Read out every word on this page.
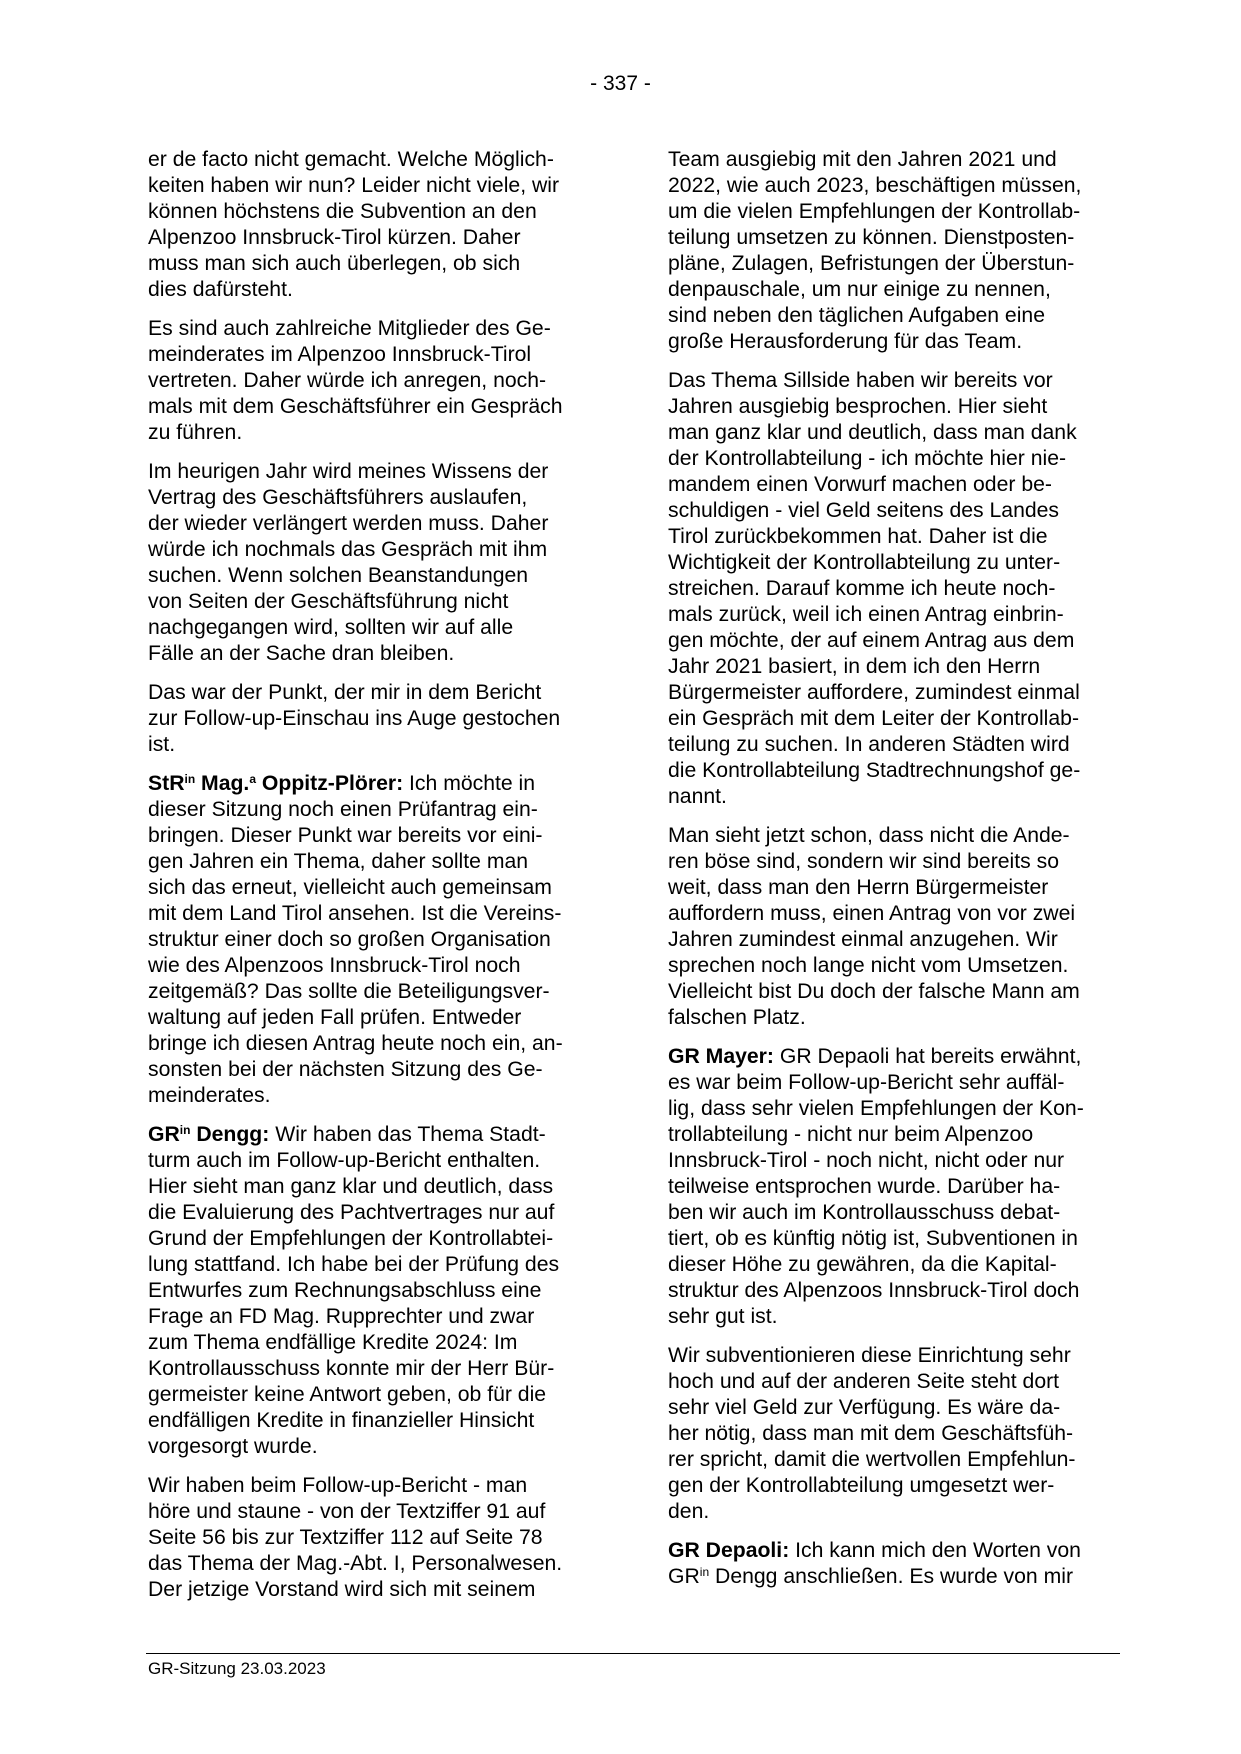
- 337 -

er de facto nicht gemacht. Welche Möglich-
keiten haben wir nun? Leider nicht viele, wir
können höchstens die Subvention an den
Alpenzoo Innsbruck-Tirol kürzen. Daher
muss man sich auch überlegen, ob sich
dies dafürsteht.

Es sind auch zahlreiche Mitglieder des Ge-
meinderates im Alpenzoo Innsbruck-Tirol
vertreten. Daher würde ich anregen, noch-
mals mit dem Geschäftsführer ein Gespräch
zu führen.

Im heurigen Jahr wird meines Wissens der
Vertrag des Geschäftsführers auslaufen,
der wieder verlängert werden muss. Daher
würde ich nochmals das Gespräch mit ihm
suchen. Wenn solchen Beanstandungen
von Seiten der Geschäftsführung nicht
nachgegangen wird, sollten wir auf alle
Fälle an der Sache dran bleiben.

Das war der Punkt, der mir in dem Bericht
zur Follow-up-Einschau ins Auge gestochen
ist.

StR$^{in}$ Mag.$^a$ Oppitz-Plörer: Ich möchte in
dieser Sitzung noch einen Prüfantrag ein-
bringen. Dieser Punkt war bereits vor eini-
gen Jahren ein Thema, daher sollte man
sich das erneut, vielleicht auch gemeinsam
mit dem Land Tirol ansehen. Ist die Vereins-
struktur einer doch so großen Organisation
wie des Alpenzoos Innsbruck-Tirol noch
zeitgemäß? Das sollte die Beteiligungsver-
waltung auf jeden Fall prüfen. Entweder
bringe ich diesen Antrag heute noch ein, an-
sonsten bei der nächsten Sitzung des Ge-
meinderates.

$GR^{in}$ Dengg: Wir haben das Thema Stadt-
turm auch im Follow-up-Bericht enthalten.
Hier sieht man ganz klar und deutlich, dass
die Evaluierung des Pachtvertrages nur auf
Grund der Empfehlungen der Kontrollabtei-
lung stattfand. Ich habe bei der Prüfung des
Entwurfes zum Rechnungsabschluss eine
Frage an FD Mag. Rupprechter und zwar
zum Thema endfällige Kredite 2024: Im
Kontrollausschuss konnte mir der Herr Bür-
germeister keine Antwort geben, ob für die
endfälligen Kredite in finanzieller Hinsicht
vorgesorgt wurde.

Wir haben beim Follow-up-Bericht - man
höre und staune - von der Textziffer 91 auf
Seite 56 bis zur Textziffer 112 auf Seite 78
das Thema der Mag.-Abt. I, Personalwesen.
Der jetzige Vorstand wird sich mit seinem

Team ausgiebig mit den Jahren 2021 und
2022, wie auch 2023, beschäftigen müssen,
um die vielen Empfehlungen der Kontrollab-
teilung umsetzen zu können. Dienstposten-
pläne, Zulagen, Befristungen der Überstun-
denpauschale, um nur einige zu nennen,
sind neben den täglichen Aufgaben eine
große Herausforderung für das Team.

Das Thema Sillside haben wir bereits vor
Jahren ausgiebig besprochen. Hier sieht
man ganz klar und deutlich, dass man dank
der Kontrollabteilung - ich möchte hier nie-
mandem einen Vorwurf machen oder be-
schuldigen - viel Geld seitens des Landes
Tirol zurückbekommen hat. Daher ist die
Wichtigkeit der Kontrollabteilung zu unter-
streichen. Darauf komme ich heute noch-
mals zurück, weil ich einen Antrag einbrin-
gen möchte, der auf einem Antrag aus dem
Jahr 2021 basiert, in dem ich den Herrn
Bürgermeister auffordere, zumindest einmal
ein Gespräch mit dem Leiter der Kontrollab-
teilung zu suchen. In anderen Städten wird
die Kontrollabteilung Stadtrechnungshof ge-
nannt.

Man sieht jetzt schon, dass nicht die Ande-
ren böse sind, sondern wir sind bereits so
weit, dass man den Herrn Bürgermeister
auffordern muss, einen Antrag von vor zwei
Jahren zumindest einmal anzugehen. Wir
sprechen noch lange nicht vom Umsetzen.
Vielleicht bist Du doch der falsche Mann am
falschen Platz.

GR Mayer: GR Depaoli hat bereits erwähnt,
es war beim Follow-up-Bericht sehr auffäl-
lig, dass sehr vielen Empfehlungen der Kon-
trollabteilung - nicht nur beim Alpenzoo
Innsbruck-Tirol - noch nicht, nicht oder nur
teilweise entsprochen wurde. Darüber ha-
ben wir auch im Kontrollausschuss debat-
tiert, ob es künftig nötig ist, Subventionen in
dieser Höhe zu gewähren, da die Kapital-
struktur des Alpenzoos Innsbruck-Tirol doch
sehr gut ist.

Wir subventionieren diese Einrichtung sehr
hoch und auf der anderen Seite steht dort
sehr viel Geld zur Verfügung. Es wäre da-
her nötig, dass man mit dem Geschäftsfüh-
rer spricht, damit die wertvollen Empfehlun-
gen der Kontrollabteilung umgesetzt wer-
den.

GR Depaoli: Ich kann mich den Worten von
$GR^{in}$ Dengg anschließen. Es wurde von mir

GR-Sitzung 23.03.2023
